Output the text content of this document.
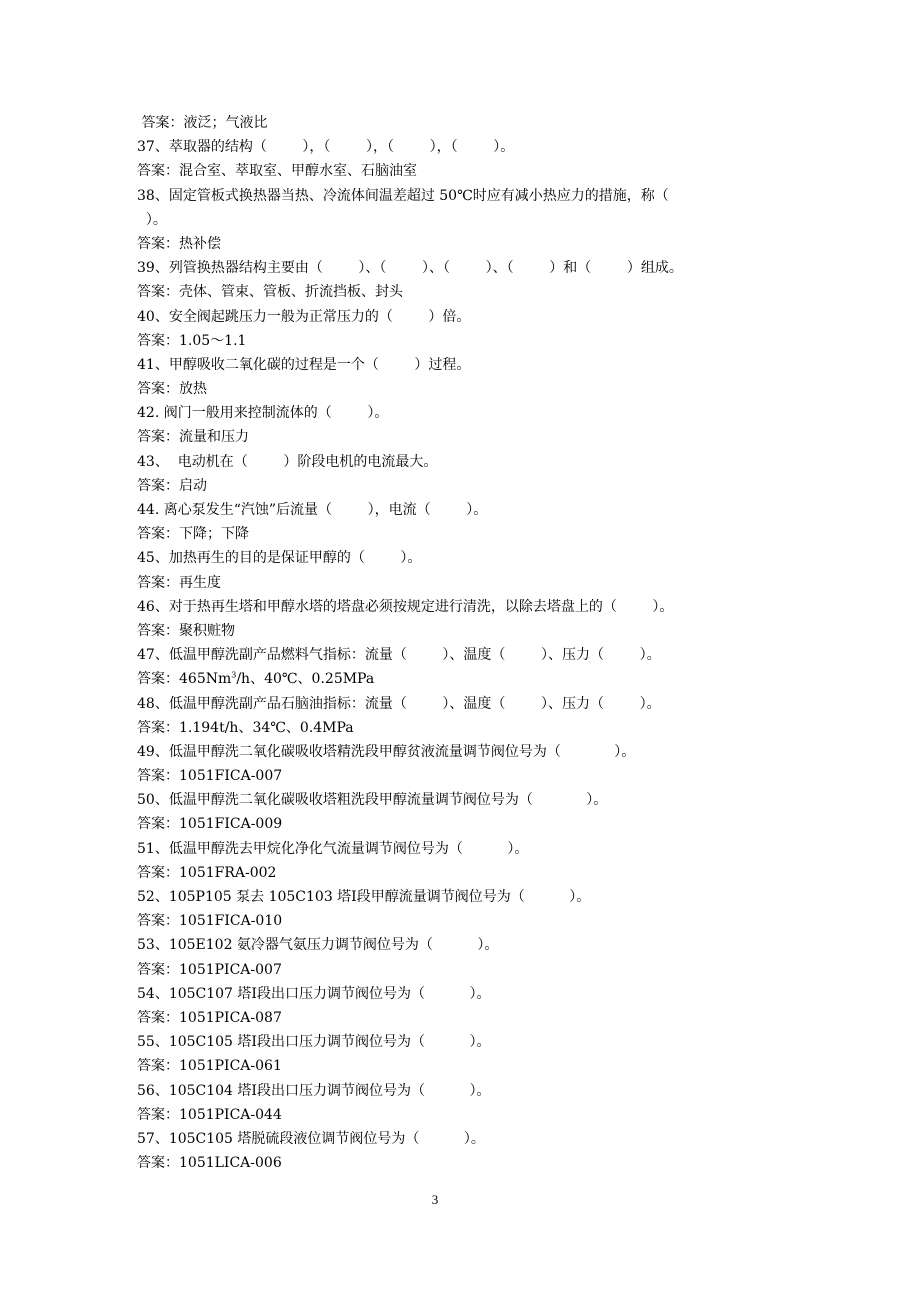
答案：液泛；气液比
37、萃取器的结构（        ），（        ），（        ），（        ）。
答案：混合室、萃取室、甲醇水室、石脑油室
38、固定管板式换热器当热、冷流体间温差超过 50℃时应有减小热应力的措施，称（
）。
答案：热补偿
39、列管换热器结构主要由（        ）、（        ）、（        ）、（        ）和（        ）组成。
答案：壳体、管束、管板、折流挡板、封头
40、安全阀起跳压力一般为正常压力的（        ）倍。
答案：1.05～1.1
41、甲醇吸收二氧化碳的过程是一个（        ）过程。
答案：放热
42. 阀门一般用来控制流体的（        ）。
答案：流量和压力
43、  电动机在（        ）阶段电机的电流最大。
答案：启动
44. 离心泵发生“汽蚀”后流量（        ），电流（        ）。
答案：下降；下降
45、加热再生的目的是保证甲醇的（        ）。
答案：再生度
46、对于热再生塔和甲醇水塔的塔盘必须按规定进行清洗，以除去塔盘上的（        ）。
答案：聚积赃物
47、低温甲醇洗副产品燃料气指标：流量（        ）、温度（        ）、压力（        ）。
答案：465Nm$^3$/h、40℃、0.25MPa
48、低温甲醇洗副产品石脑油指标：流量（        ）、温度（        ）、压力（        ）。
答案：1.194t/h、34℃、0.4MPa
49、低温甲醇洗二氧化碳吸收塔精洗段甲醇贫液流量调节阀位号为（            ）。
答案：1051FICA-007
50、低温甲醇洗二氧化碳吸收塔粗洗段甲醇流量调节阀位号为（            ）。
答案：1051FICA-009
51、低温甲醇洗去甲烷化净化气流量调节阀位号为（          ）。
答案：1051FRA-002
52、105P105 泵去 105C103 塔Ⅰ段甲醇流量调节阀位号为（          ）。
答案：1051FICA-010
53、105E102 氨冷器气氨压力调节阀位号为（          ）。
答案：1051PICA-007
54、105C107 塔Ⅰ段出口压力调节阀位号为（          ）。
答案：1051PICA-087
55、105C105 塔Ⅰ段出口压力调节阀位号为（          ）。
答案：1051PICA-061
56、105C104 塔Ⅰ段出口压力调节阀位号为（          ）。
答案：1051PICA-044
57、105C105 塔脱硫段液位调节阀位号为（          ）。
答案：1051LICA-006
3
